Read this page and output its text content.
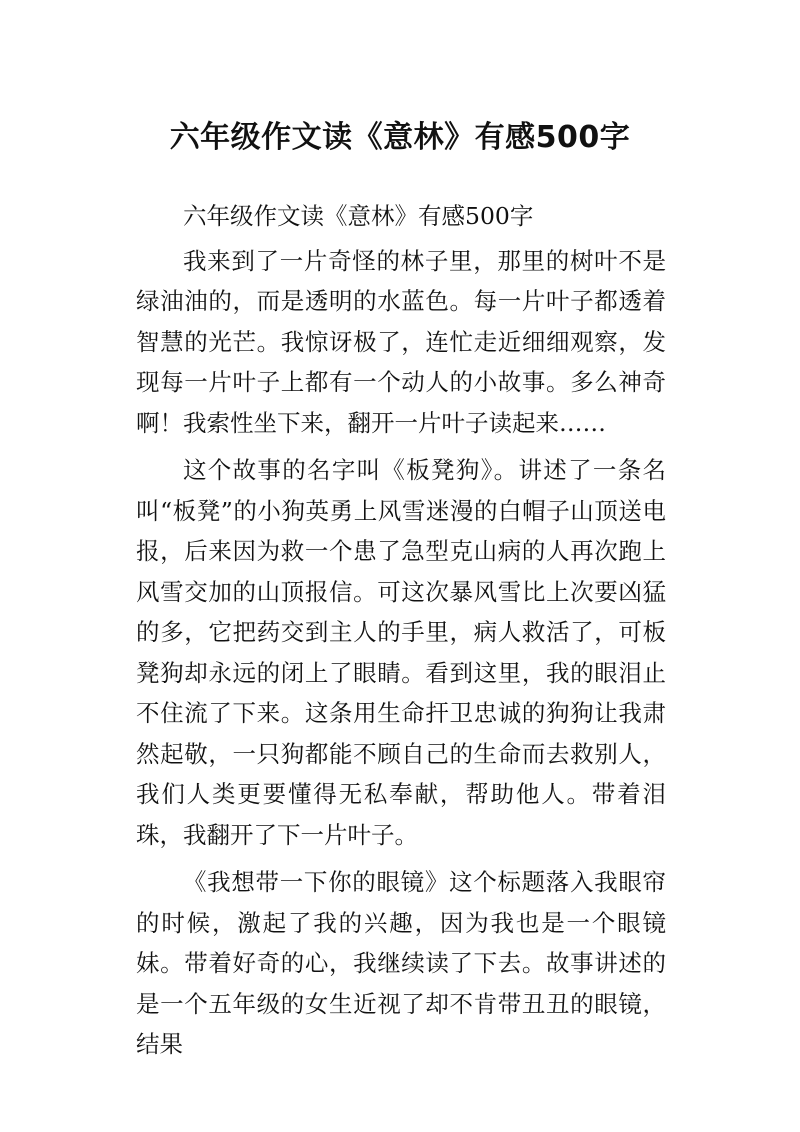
六年级作文读《意林》有感500字

六年级作文读《意林》有感500字

我来到了一片奇怪的林子里，那里的树叶不是绿油油的，而是透明的水蓝色。每一片叶子都透着智慧的光芒。我惊讶极了，连忙走近细细观察，发现每一片叶子上都有一个动人的小故事。多么神奇啊！我索性坐下来，翻开一片叶子读起来……

这个故事的名字叫《板凳狗》。讲述了一条名叫“板凳”的小狗英勇上风雪迷漫的白帽子山顶送电报，后来因为救一个患了急型克山病的人再次跑上风雪交加的山顶报信。可这次暴风雪比上次要凶猛的多，它把药交到主人的手里，病人救活了，可板凳狗却永远的闭上了眼睛。看到这里，我的眼泪止不住流了下来。这条用生命扞卫忠诚的狗狗让我肃然起敬，一只狗都能不顾自己的生命而去救别人，我们人类更要懂得无私奉献，帮助他人。带着泪珠，我翻开了下一片叶子。

《我想带一下你的眼镜》这个标题落入我眼帘的时候，激起了我的兴趣，因为我也是一个眼镜妹。带着好奇的心，我继续读了下去。故事讲述的是一个五年级的女生近视了却不肯带丑丑的眼镜，结果
